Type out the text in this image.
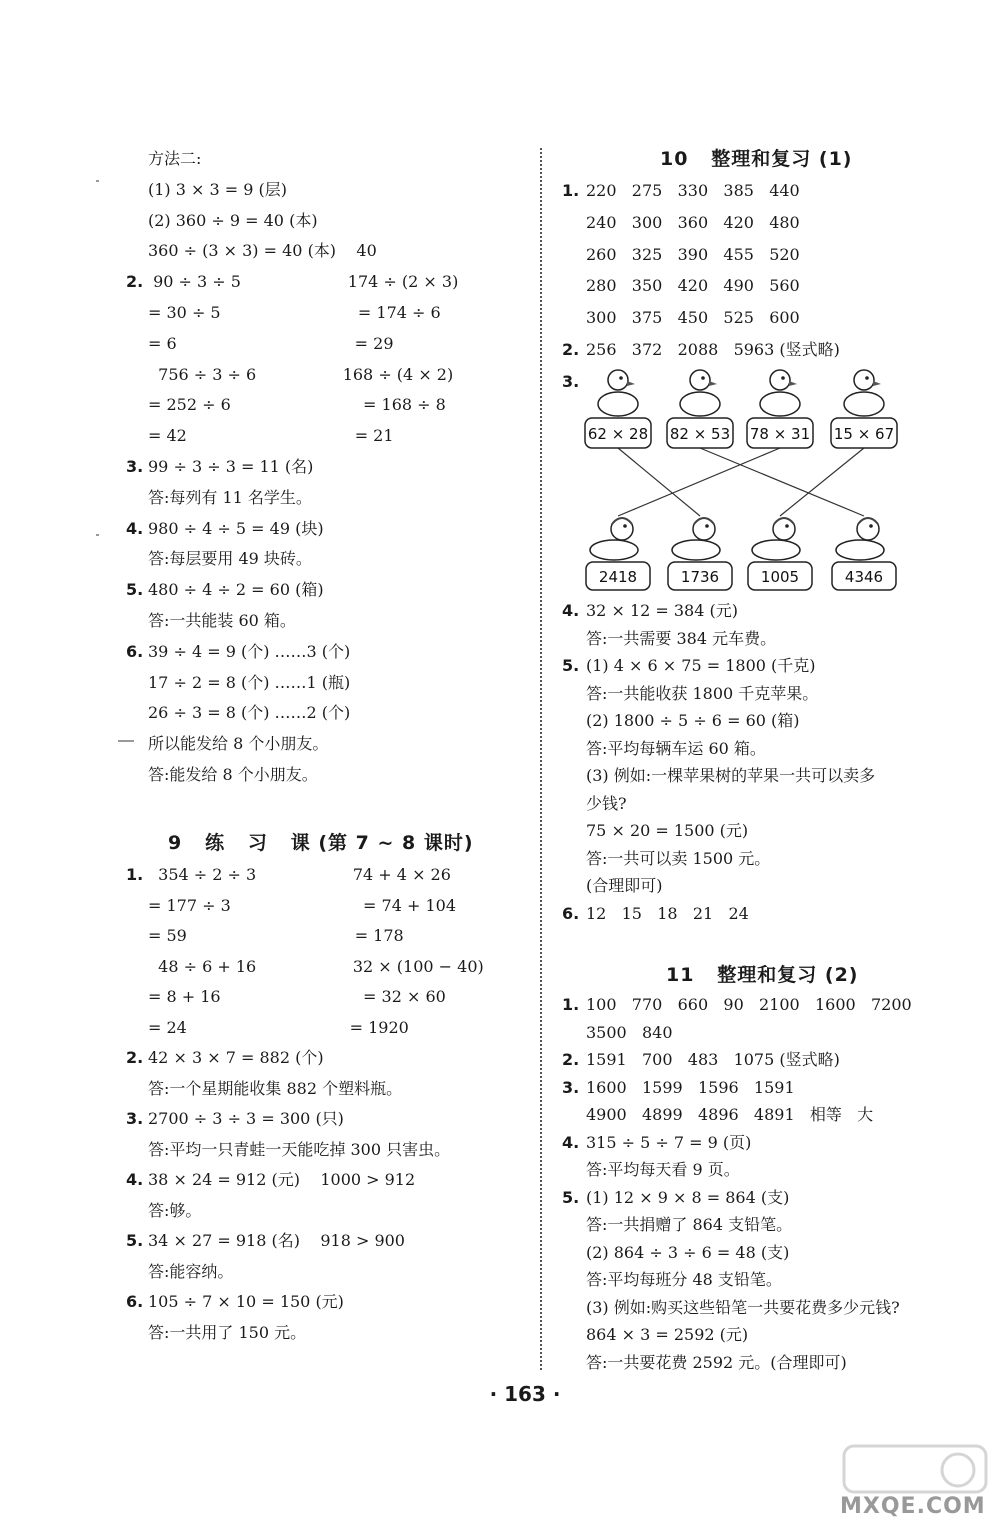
方法二:
(1) 3 × 3 = 9 (层)
(2) 360 ÷ 9 = 40 (本)
360 ÷ (3 × 3) = 40 (本)    40
2. 90 ÷ 3 ÷ 5                     174 ÷ (2 × 3)
= 30 ÷ 5                           = 174 ÷ 6
= 6                                   = 29
756 ÷ 3 ÷ 6                 168 ÷ (4 × 2)
= 252 ÷ 6                          = 168 ÷ 8
= 42                                 = 21
3. 99 ÷ 3 ÷ 3 = 11 (名)
答:每列有 11 名学生。
4. 980 ÷ 4 ÷ 5 = 49 (块)
答:每层要用 49 块砖。
5. 480 ÷ 4 ÷ 2 = 60 (箱)
答:一共能装 60 箱。
6. 39 ÷ 4 = 9 (个) ……3 (个)
17 ÷ 2 = 8 (个) ……1 (瓶)
26 ÷ 3 = 8 (个) ……2 (个)
所以能发给 8 个小朋友。
答:能发给 8 个小朋友。
1. 354 ÷ 2 ÷ 3                   74 + 4 × 26
= 177 ÷ 3                          = 74 + 104
= 59                                 = 178
48 ÷ 6 + 16                   32 × (100 − 40)
= 8 + 16                            = 32 × 60
= 24                                = 1920
2. 42 × 3 × 7 = 882 (个)
答:一个星期能收集 882 个塑料瓶。
3. 2700 ÷ 3 ÷ 3 = 300 (只)
答:平均一只青蛙一天能吃掉 300 只害虫。
4. 38 × 24 = 912 (元)    1000 > 912
答:够。
5. 34 × 27 = 918 (名)    918 > 900
答:能容纳。
6. 105 ÷ 7 × 10 = 150 (元)
答:一共用了 150 元。
9   练   习   课 (第 7 ~ 8 课时)
10   整理和复习 (1)
1. 220   275   330   385   440
240   300   360   420   480
260   325   390   455   520
280   350   420   490   560
300   375   450   525   600
2. 256   372   2088   5963 (竖式略)
3.
4. 32 × 12 = 384 (元)
答:一共需要 384 元车费。
5. (1) 4 × 6 × 75 = 1800 (千克)
答:一共能收获 1800 千克苹果。
(2) 1800 ÷ 5 ÷ 6 = 60 (箱)
答:平均每辆车运 60 箱。
(3) 例如:一棵苹果树的苹果一共可以卖多
少钱?
75 × 20 = 1500 (元)
答:一共可以卖 1500 元。
(合理即可)
6. 12   15   18   21   24
1. 100   770   660   90   2100   1600   7200
3500   840
2. 1591   700   483   1075 (竖式略)
3. 1600   1599   1596   1591
4900   4899   4896   4891   相等   大
4. 315 ÷ 5 ÷ 7 = 9 (页)
答:平均每天看 9 页。
5. (1) 12 × 9 × 8 = 864 (支)
答:一共捐赠了 864 支铅笔。
(2) 864 ÷ 3 ÷ 6 = 48 (支)
答:平均每班分 48 支铅笔。
(3) 例如:购买这些铅笔一共要花费多少元钱?
864 × 3 = 2592 (元)
答:一共要花费 2592 元。(合理即可)
11   整理和复习 (2)
62 × 28 82 × 53 78 × 31 15 × 67
2418	1736	1005	4346
· 163 ·
MXQE.COM
